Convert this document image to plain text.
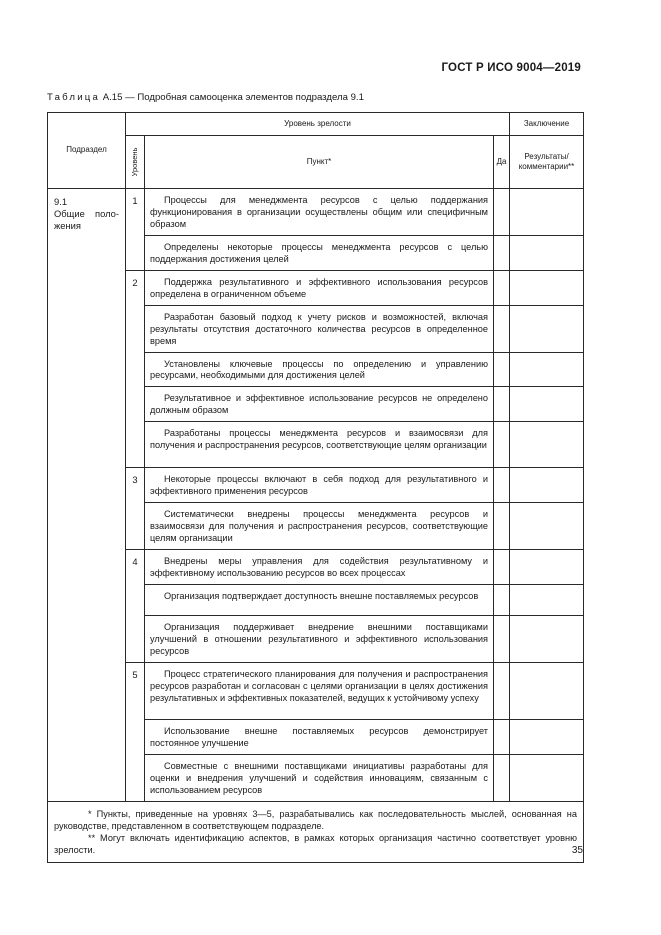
ГОСТ Р ИСО 9004—2019
Таблица А.15 — Подробная самооценка элементов подраздела 9.1
Подраздел	Уровень зрелости			Заключение

	Уровень	Пункт*	Да	Результаты/ комментарии**

9.1
Общие поло-
жения	1	Процессы для менеджмента ресурсов с целью поддержания функционирования в организации осуществлены общим или специфичным образом		

		Определены некоторые процессы менеджмента ресурсов с целью поддержания достижения целей		

	2	Поддержка результативного и эффективного использования ресурсов определена в ограниченном объеме		

		Разработан базовый подход к учету рисков и возможностей, включая результаты отсутствия достаточного количества ресурсов в определенное время		

		Установлены ключевые процессы по определению и управлению ресурсами, необходимыми для достижения целей		

		Результативное и эффективное использование ресурсов не определено должным образом		

		Разработаны процессы менеджмента ресурсов и взаимосвязи для получения и распространения ресурсов, соответствующие целям организации		

	3	Некоторые процессы включают в себя подход для результативного и эффективного применения ресурсов		

		Систематически внедрены процессы менеджмента ресурсов и взаимосвязи для получения и распространения ресурсов, соответствующие целям организации		

	4	Внедрены меры управления для содействия результативному и эффективному использованию ресурсов во всех процессах		

		Организация подтверждает доступность внешне поставляемых ресурсов		

		Организация поддерживает внедрение внешними поставщиками улучшений в отношении результативного и эффективного использования ресурсов		

	5	Процесс стратегического планирования для получения и распространения ресурсов разработан и согласован с целями организации в целях достижения результативных и эффективных показателей, ведущих к устойчивому успеху		

		Использование внешне поставляемых ресурсов демонстрирует постоянное улучшение		

		Совместные с внешними поставщиками инициативы разработаны для оценки и внедрения улучшений и содействия инновациям, связанным с использованием ресурсов		

* Пункты, приведенные на уровнях 3—5, разрабатывались как последовательность мыслей, основанная на руководстве, представленном в соответствующем подразделе.

** Могут включать идентификацию аспектов, в рамках которых организация частично соответствует уровню зрелости.					35
